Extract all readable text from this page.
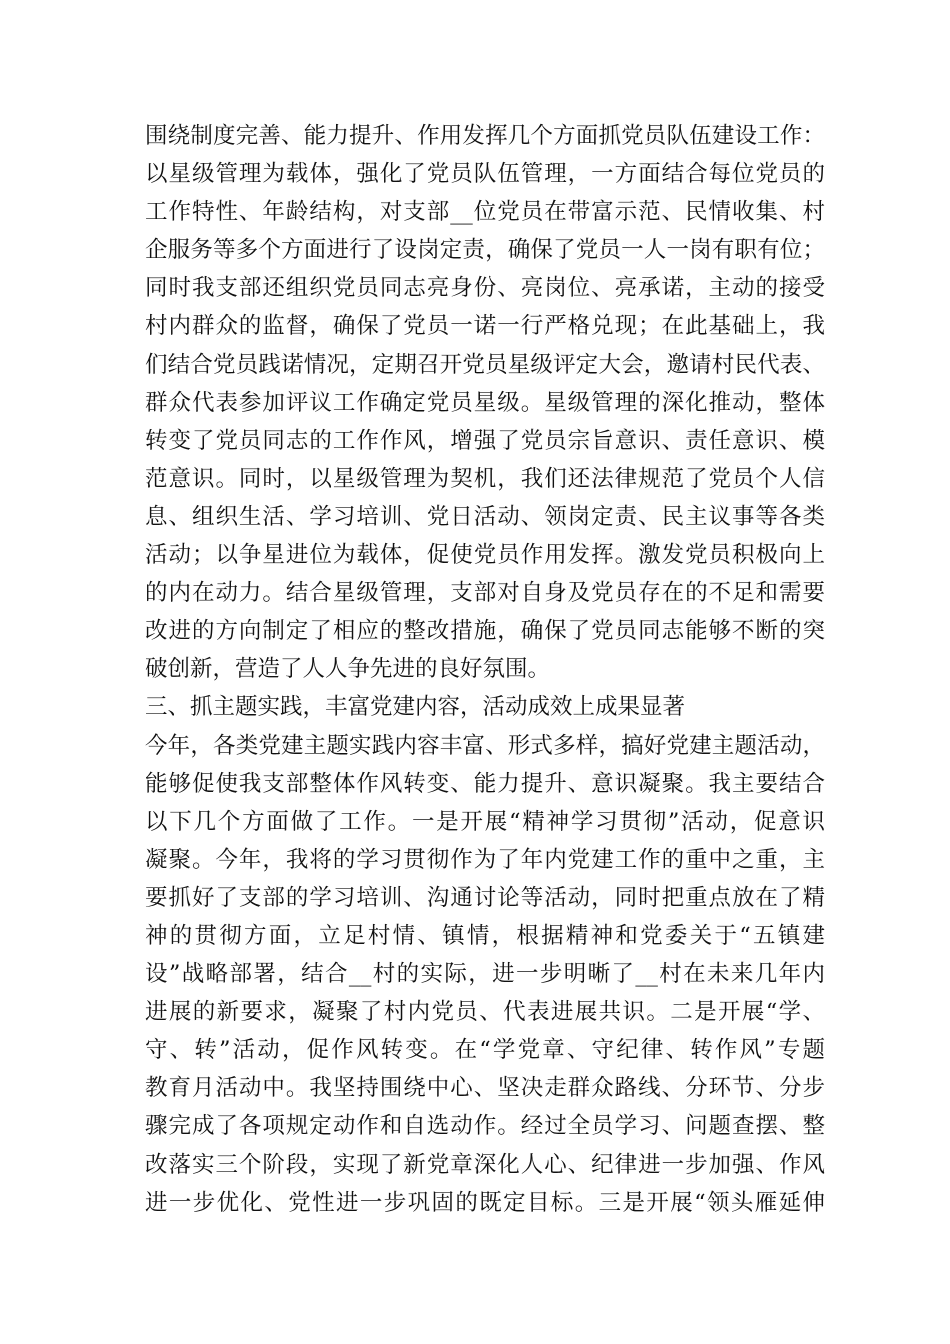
围绕制度完善、能力提升、作用发挥几个方面抓党员队伍建设工作：
以星级管理为载体，强化了党员队伍管理，一方面结合每位党员的
工作特性、年龄结构，对支部__位党员在带富示范、民情收集、村
企服务等多个方面进行了设岗定责，确保了党员一人一岗有职有位；
同时我支部还组织党员同志亮身份、亮岗位、亮承诺，主动的接受
村内群众的监督，确保了党员一诺一行严格兑现；在此基础上，我
们结合党员践诺情况，定期召开党员星级评定大会，邀请村民代表、
群众代表参加评议工作确定党员星级。星级管理的深化推动，整体
转变了党员同志的工作作风，增强了党员宗旨意识、责任意识、模
范意识。同时，以星级管理为契机，我们还法律规范了党员个人信
息、组织生活、学习培训、党日活动、领岗定责、民主议事等各类
活动；以争星进位为载体，促使党员作用发挥。激发党员积极向上
的内在动力。结合星级管理，支部对自身及党员存在的不足和需要
改进的方向制定了相应的整改措施，确保了党员同志能够不断的突
破创新，营造了人人争先进的良好氛围。
三、抓主题实践，丰富党建内容，活动成效上成果显著
今年，各类党建主题实践内容丰富、形式多样，搞好党建主题活动，
能够促使我支部整体作风转变、能力提升、意识凝聚。我主要结合
以下几个方面做了工作。一是开展“精神学习贯彻”活动，促意识
凝聚。今年，我将的学习贯彻作为了年内党建工作的重中之重，主
要抓好了支部的学习培训、沟通讨论等活动，同时把重点放在了精
神的贯彻方面，立足村情、镇情，根据精神和党委关于“五镇建
设”战略部署，结合__村的实际，进一步明晰了__村在未来几年内
进展的新要求，凝聚了村内党员、代表进展共识。二是开展“学、
守、转”活动，促作风转变。在“学党章、守纪律、转作风”专题
教育月活动中。我坚持围绕中心、坚决走群众路线、分环节、分步
骤完成了各项规定动作和自选动作。经过全员学习、问题查摆、整
改落实三个阶段，实现了新党章深化人心、纪律进一步加强、作风
进一步优化、党性进一步巩固的既定目标。三是开展“领头雁延伸
